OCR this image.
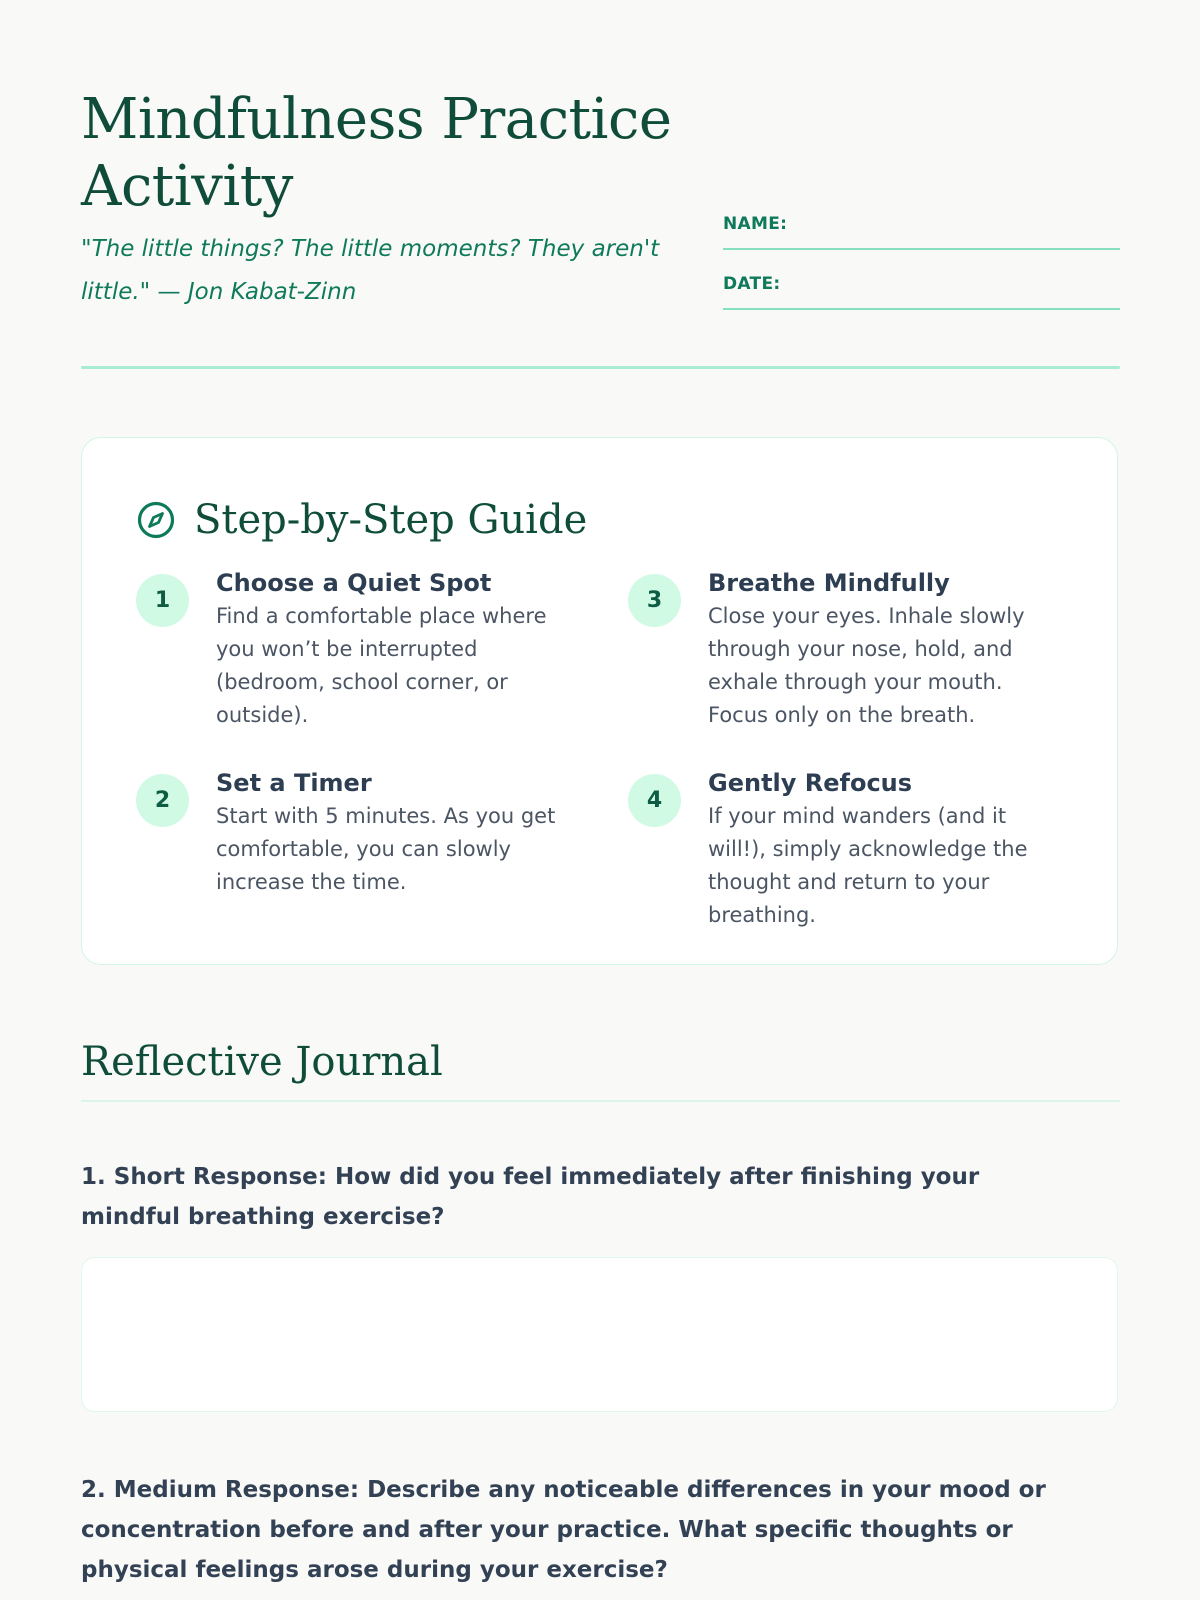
Mindfulness Practice Activity

"The little things? The little moments? They aren't little." — Jon Kabat-Zinn

NAME:
DATE:
Step-by-Step Guide
1
Choose a Quiet Spot

Find a comfortable place where you won’t be interrupted (bedroom, school corner, or outside).

2
Set a Timer

Start with 5 minutes. As you get comfortable, you can slowly increase the time.

3
Breathe Mindfully

Close your eyes. Inhale slowly through your nose, hold, and exhale through your mouth. Focus only on the breath.

4
Gently Refocus

If your mind wanders (and it will!), simply acknowledge the thought and return to your breathing.

Reflective Journal

1. Short Response: How did you feel immediately after finishing your mindful breathing exercise?

2. Medium Response: Describe any noticeable differences in your mood or concentration before and after your practice. What specific thoughts or physical feelings arose during your exercise?
